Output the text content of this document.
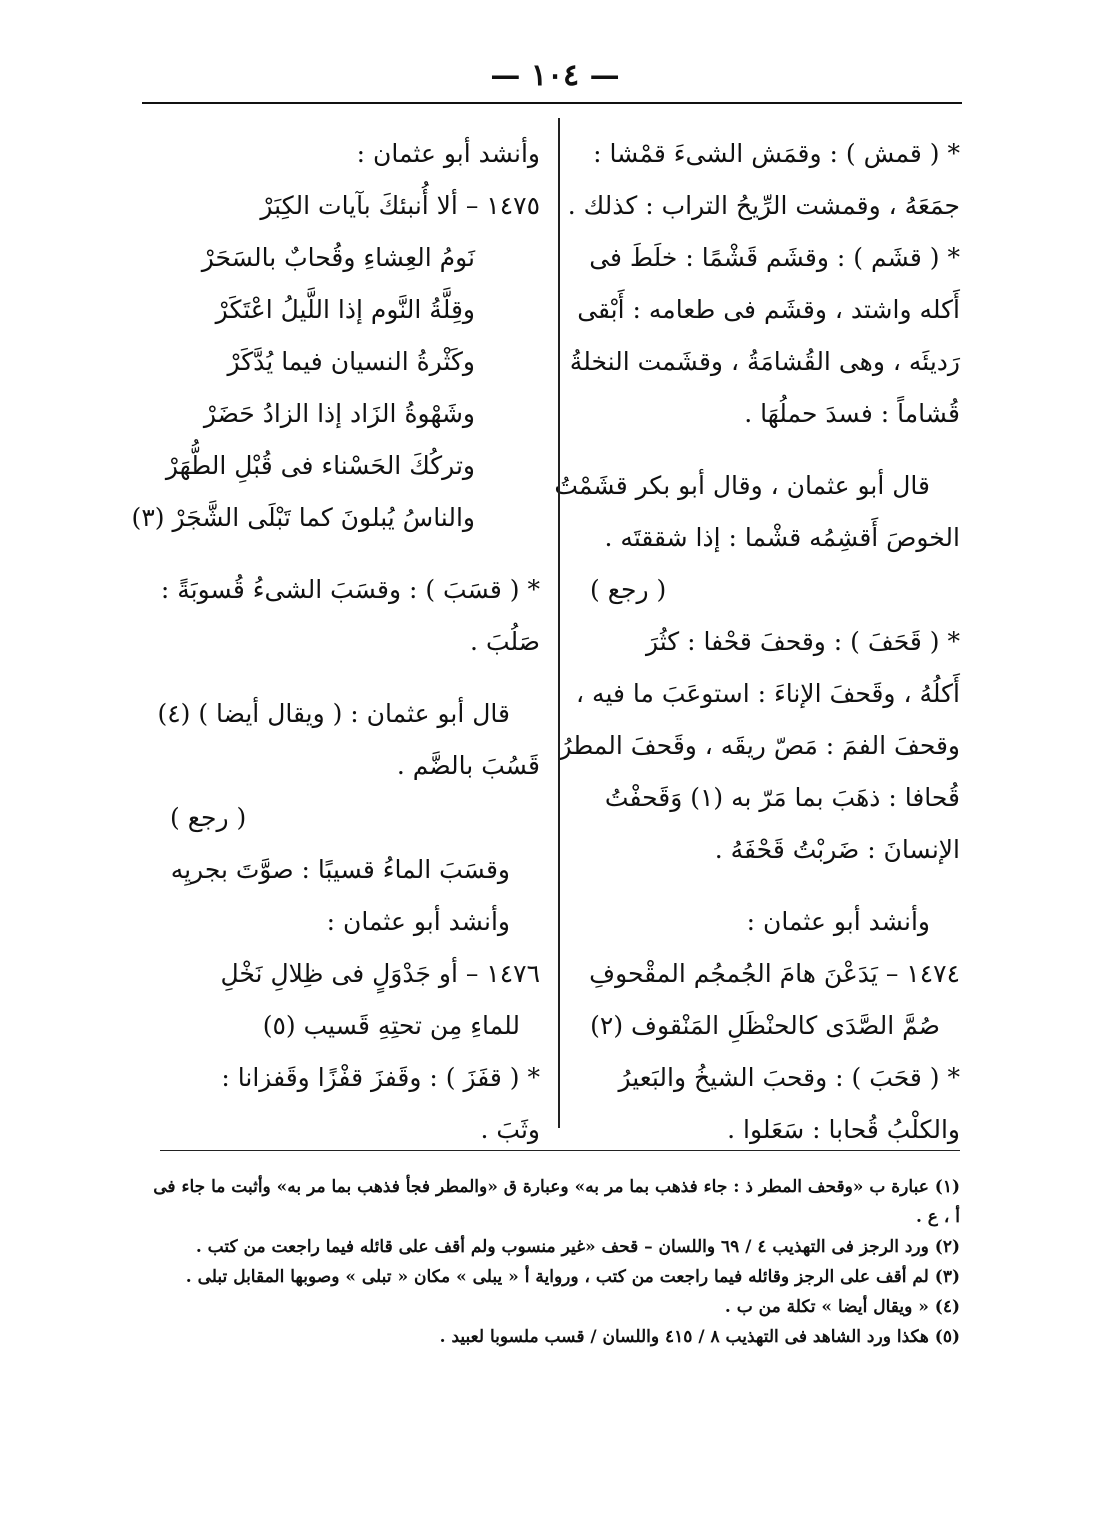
— ١٠٤ —

* ( قمش ) : وقمَش الشىءَ قمْشا :

جمَعَهُ ، وقمشت الرِّيحُ التراب : كذلك .

* ( قشَم ) : وقشَم قَشْمًا : خلَطَ فى

أَكله واشتد ، وقشَم فى طعامه : أَبْقى

رَديئَه ، وهى القُشامَةُ ، وقشَمت النخلةُ

قُشاماً : فسدَ حملُهَا .

قال أبو عثمان ، وقال أبو بكر قشَمْتُ

الخوصَ أَقشِمُه قشْما : إذا شققتَه .

( رجع )

* ( قَحَفَ ) : وقحفَ قحْفا : كثُرَ

أَكلُهُ ، وقَحفَ الإناءَ : استوعَبَ ما فيه ،

وقحفَ الفمَ : مَصّ ريقَه ، وقَحفَ المطرُ

قُحافا : ذهَبَ بما مَرّ به (١) وَقَحفْتُ

الإنسانَ : ضَربْتُ قَحْفَهُ .

وأنشد أبو عثمان :

١٤٧٤ – يَدَعْنَ هامَ الجُمجُم المقْحوفِ

صُمَّ الصَّدَى كالحنْظَلِ المَنْقوف (٢)

* ( قحَبَ ) : وقحبَ الشيخُ والبَعيرُ

والكلْبُ قُحابا : سَعَلوا .

وأنشد أبو عثمان :

١٤٧٥ – ألا أُنبئكَ بآيات الكِبَرْ

نَومُ العِشاءِ وقُحابٌ بالسَحَرْ

وقِلَّةُ النَّوم إذا اللَّيلُ اعْتَكَرْ

وكَثْرةُ النسيان فيما يُدَّكَرْ

وشَهْوةُ الزَاد إذا الزادُ حَضَرْ

وتركُكَ الحَسْناء فى قُبْلِ الطُّهَرْ

والناسُ يُبلونَ كما تَبْلَى الشَّجَرْ (٣)

* ( قسَبَ ) : وقسَبَ الشىءُ قُسوبَةً :

صَلُبَ .

قال أبو عثمان : ( ويقال أيضا ) (٤)

قَسُبَ بالضَّم .

( رجع )

وقسَبَ الماءُ قسيبًا : صوَّتَ بجريِه

وأنشد أبو عثمان :

١٤٧٦ – أو جَدْوَلٍ فى ظِلالِ نَخْلِ

للماءِ مِن تحتِهِ قَسيب (٥)

* ( قفَزَ ) : وقَفزَ قفْزًا وقَفزانا :

وثَبَ .

(١) عبارة ب «وقحف المطر ذ : جاء فذهب بما مر به» وعبارة ق «والمطر فجأ فذهب بما مر به» وأثبت ما جاء فى

أ ، ع .

(٢) ورد الرجز فى التهذيب ٤ / ٦٩ واللسان – قحف «غير منسوب ولم أقف على قائله فيما راجعت من كتب .

(٣) لم أقف على الرجز وقائله فيما راجعت من كتب ، ورواية أ « يبلى » مكان « تبلى » وصوبها المقابل تبلى .

(٤) « ويقال أيضا » تكلة من ب .

(٥) هكذا ورد الشاهد فى التهذيب ٨ / ٤١٥ واللسان / قسب ملسوبا لعبيد .
